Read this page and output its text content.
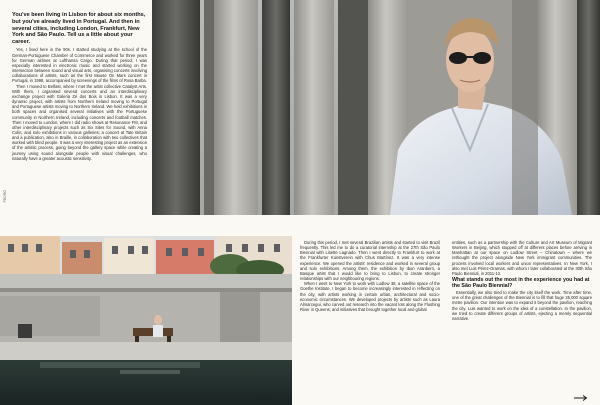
You've been living in Lisbon for about six months, but you've already lived in Portugal. And then in several cities, including London, Frankfurt, New York and São Paulo. Tell us a little about your career.

Yes, I lived here in the 90s. I started studying at the school of the German-Portuguese Chamber of Commerce and worked for three years for German airlines at Lufthansa Cargo. During that period, I was especially interested in electronic music and started working on the intersection between sound and visual arts, organising concerts involving collaborations of artists, such as the first Mouse On Mars concert in Portugal, in 1998, accompanied by screenings of the films of Rosa Barba.

Then I moved to Belfast, where I met the artist collective Catalyst Arts. With them, I organised several concerts and an interdisciplinary exchange project with Galeria Zé dos Bois in Lisbon. It was a very dynamic project, with artists from Northern Ireland moving to Portugal and Portuguese artists moving to Northern Ireland. We held exhibitions in both spaces and organised several initiatives with the Portuguese community in Northern Ireland, including concerts and football matches. Then I moved to London, where I did radio shows at Resonance FM, and other interdisciplinary projects such as Six Sites for Sound, with Anna Colin, and solo exhibitions in various galleries; a concert at Tate Britain and a publication, also in Braille, in collaboration with two collectives that worked with blind people. It was a very interesting project as an extension of the artistic process, going beyond the gallery space while creating a journey using sound alongside people with visual challenges, who naturally have a greater acoustic sensitivity.

PEDRO

During this period, I met several Brazilian artists and started to visit Brazil frequently. This led me to do a curatorial internship at the 27th São Paulo Biennial with Lisette Lagnado. Then I went directly to Frankfurt to work at the Frankfurter Kunstverein with Chus Martínez. It was a very intense experience. We opened the artists' residence and worked in several group and solo exhibitions. Among them, the exhibition by Ibon Aranberri, a Basque artist that I would like to bring to Lisbon, to create stronger relationships with our neighbouring regions.

When I went to New York to work with Ludlow 38, a satellite space of the Goethe Institute, I began to become increasingly interested in reflecting on the city, with artists working in certain urban, architectural and socio-economic circumstances. We developed projects by artists such as Laura Almarcegui, who carved out research into the vacant lots along the Flushing River in Queens; and initiatives that brought together local and global

entities, such as a partnership with the Culture and Art Museum of Migrant Workers in Beijing, which stopped off at different places before arriving in Manhattan at our space on Ludlow Street – Chinatown – where we rethought the project alongside New York immigrant communities. The process involved local workers and union representatives. In New York, I also met Luis Pérez-Oramas, with whom I later collaborated at the 30th São Paulo Biennial, in 2011-12.

What stands out the most in the experience you had at the São Paulo Biennial?

Essentially, we also tried to make the city itself the work. Time after time, one of the great challenges of the Biennial is to fill that huge 25,000 square metre pavilion. Our intention was to expand it beyond the pavilion, reaching the city. Luis wanted to work on the idea of a constellation. In the pavilion, we tried to create different groups of artists, ejecting a merely sequential narrative.

PHOTO ÉTÉ
